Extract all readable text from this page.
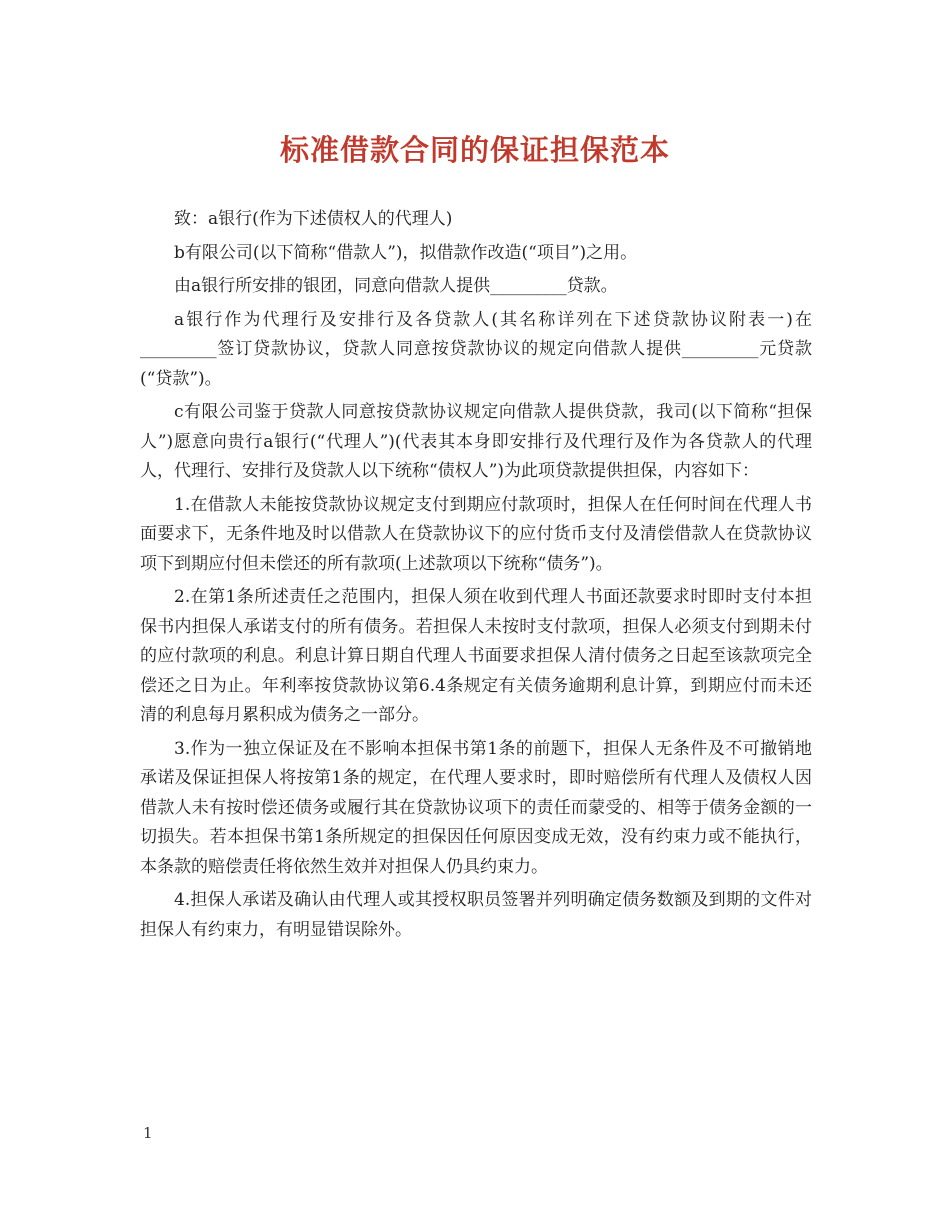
标准借款合同的保证担保范本

致：a银行(作为下述债权人的代理人)

b有限公司(以下简称“借款人”)，拟借款作改造(“项目”)之用。

由a银行所安排的银团，同意向借款人提供_________贷款。

a银行作为代理行及安排行及各贷款人(其名称详列在下述贷款协议附表一)在_________签订贷款协议，贷款人同意按贷款协议的规定向借款人提供_________元贷款(“贷款”)。

c有限公司鉴于贷款人同意按贷款协议规定向借款人提供贷款，我司(以下简称“担保人”)愿意向贵行a银行(“代理人”)(代表其本身即安排行及代理行及作为各贷款人的代理人，代理行、安排行及贷款人以下统称“债权人”)为此项贷款提供担保，内容如下：

1.在借款人未能按贷款协议规定支付到期应付款项时，担保人在任何时间在代理人书面要求下，无条件地及时以借款人在贷款协议下的应付货币支付及清偿借款人在贷款协议项下到期应付但未偿还的所有款项(上述款项以下统称“债务”)。

2.在第1条所述责任之范围内，担保人须在收到代理人书面还款要求时即时支付本担保书内担保人承诺支付的所有债务。若担保人未按时支付款项，担保人必须支付到期未付的应付款项的利息。利息计算日期自代理人书面要求担保人清付债务之日起至该款项完全偿还之日为止。年利率按贷款协议第6.4条规定有关债务逾期利息计算，到期应付而未还清的利息每月累积成为债务之一部分。

3.作为一独立保证及在不影响本担保书第1条的前题下，担保人无条件及不可撤销地承诺及保证担保人将按第1条的规定，在代理人要求时，即时赔偿所有代理人及债权人因借款人未有按时偿还债务或履行其在贷款协议项下的责任而蒙受的、相等于债务金额的一切损失。若本担保书第1条所规定的担保因任何原因变成无效，没有约束力或不能执行，本条款的赔偿责任将依然生效并对担保人仍具约束力。

4.担保人承诺及确认由代理人或其授权职员签署并列明确定债务数额及到期的文件对担保人有约束力，有明显错误除外。

1
